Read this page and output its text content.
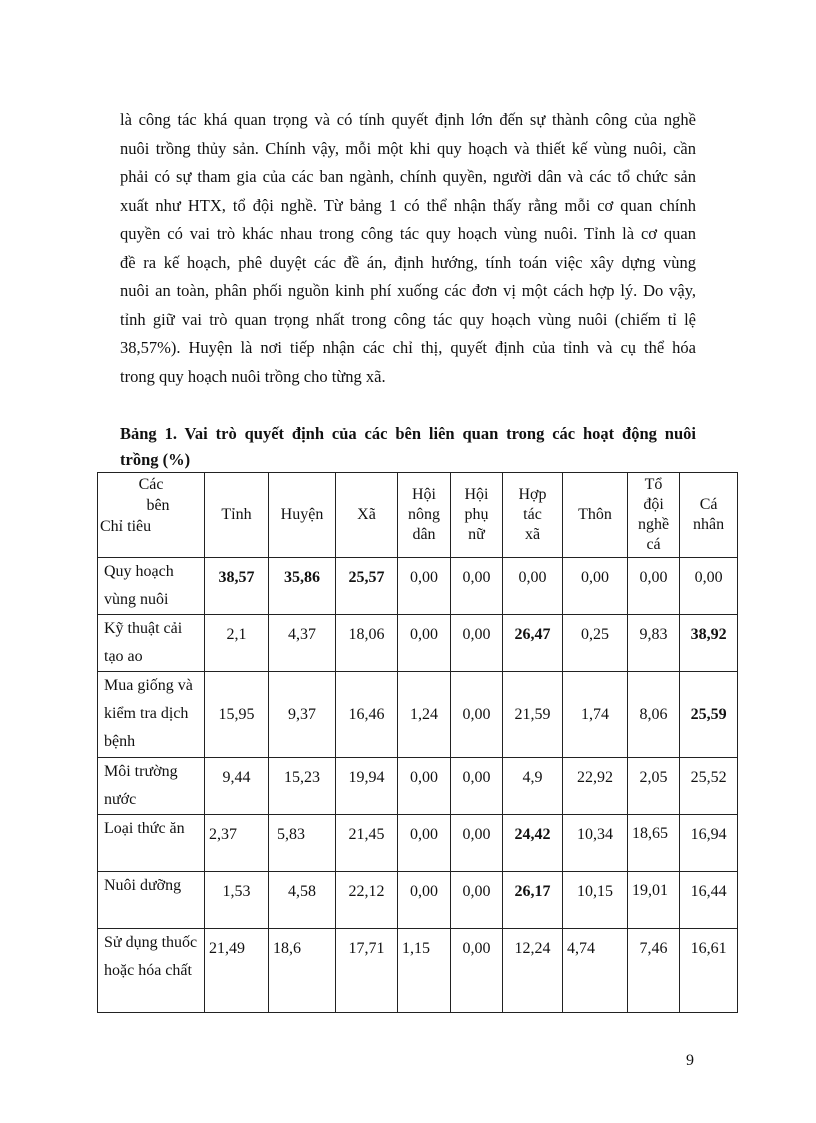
là công tác khá quan trọng và có tính quyết định lớn đến sự thành công của nghề
nuôi trồng thủy sản. Chính vậy, mỗi một khi quy hoạch và thiết kế vùng nuôi, cần
phải có sự tham gia của các ban ngành, chính quyền, người dân và các tổ chức sản
xuất như HTX, tổ đội nghề. Từ bảng 1 có thể nhận thấy rằng mỗi cơ quan chính
quyền có vai trò khác nhau trong công tác quy hoạch vùng nuôi. Tỉnh là cơ quan
đề ra kế hoạch, phê duyệt các đề án, định hướng, tính toán việc xây dựng vùng
nuôi an toàn, phân phối nguồn kinh phí xuống các đơn vị một cách hợp lý. Do vậy,
tỉnh giữ vai trò quan trọng nhất trong công tác quy hoạch vùng nuôi (chiếm tỉ lệ
38,57%). Huyện là nơi tiếp nhận các chỉ thị, quyết định của tỉnh và cụ thể hóa
trong quy hoạch nuôi trồng cho từng xã.
Bảng 1. Vai trò quyết định của các bên liên quan trong các hoạt động nuôi
trồng (%)
Các
bên
Chỉ tiêu	Tỉnh	Huyện	Xã	Hội nông dân	Hội phụ nữ	Hợp tác xã	Thôn	Tổ đội nghề cá	Cá nhân
Quy hoạch vùng nuôi	38,57	35,86	25,57	0,00	0,00	0,00	0,00	0,00	0,00
Kỹ thuật cải tạo ao	2,1	4,37	18,06	0,00	0,00	26,47	0,25	9,83	38,92
Mua giống và kiểm tra dịch bệnh	15,95	9,37	16,46	1,24	0,00	21,59	1,74	8,06	25,59
Môi trường nước	9,44	15,23	19,94	0,00	0,00	4,9	22,92	2,05	25,52
Loại thức ăn	2,37	5,83	21,45	0,00	0,00	24,42	10,34	18,65	16,94
Nuôi dưỡng	1,53	4,58	22,12	0,00	0,00	26,17	10,15	19,01	16,44
Sử dụng thuốc hoặc hóa chất	21,49	18,6	17,71	1,15	0,00	12,24	4,74	7,46	16,61
9
